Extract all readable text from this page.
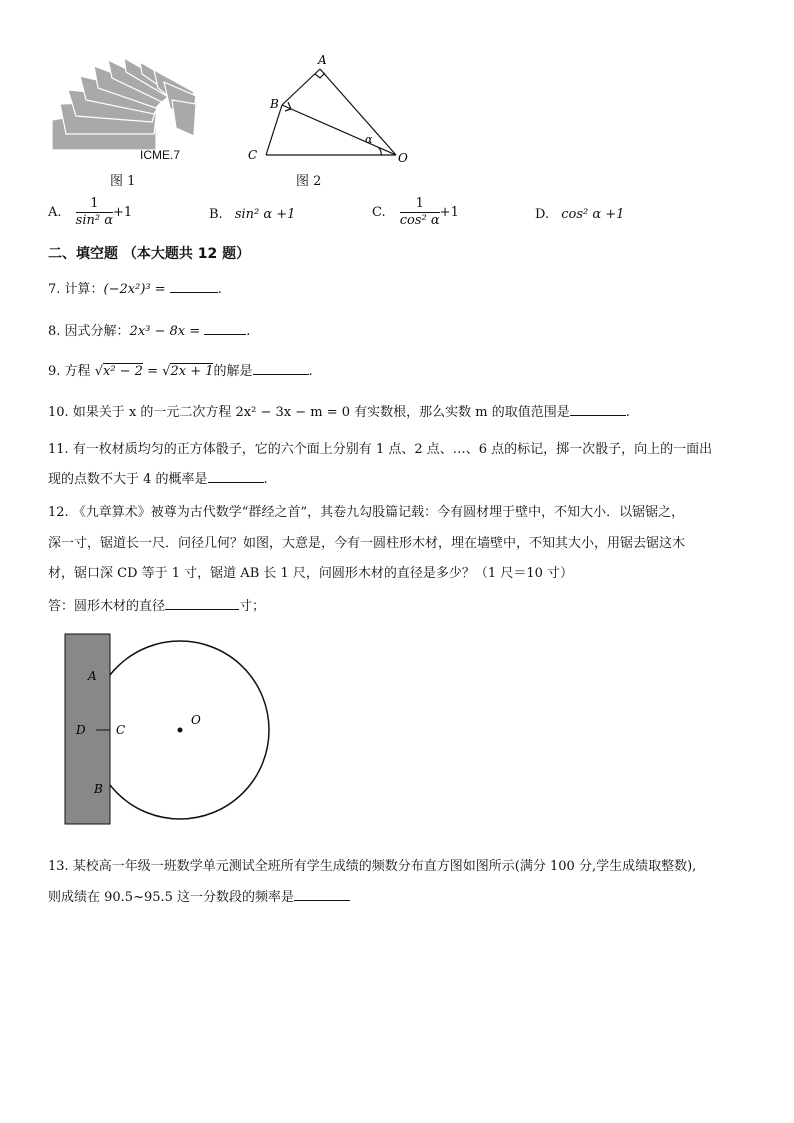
ICME.7
图 1
A
B
C	O
α
图 2
A. $\frac{1}{\text{sin² α}} +1$	B. sin² α +1	C. $\frac{1}{\text{cos² α}} +1$	D. cos² α +1
二、填空题 （本大题共 12 题）
7. 计算：(−2x²)³ =	.
8. 因式分解：2x³ − 8x =	.
9. 方程 √x² − 2 = √2x + 1的解是	.
10. 如果关于 x 的一元二次方程 2x² − 3x − m = 0 有实数根，那么实数 m 的取值范围是	.
11. 有一枚材质均匀的正方体骰子，它的六个面上分别有 1 点、2 点、…、6 点的标记，掷一次骰子，向上的一面出
现的点数不大于 4 的概率是	.
12. 《九章算术》被尊为古代数学“群经之首”，其卷九勾股篇记载：今有圆材埋于壁中，不知大小．以锯锯之，
深一寸，锯道长一尺．问径几何？如图，大意是，今有一圆柱形木材，埋在墙壁中，不知其大小，用锯去锯这木
材，锯口深 CD 等于 1 寸，锯道 AB 长 1 尺，问圆形木材的直径是多少？（1 尺＝10 寸）
答：圆形木材的直径	寸；
A
D	C
B
O
13. 某校高一年级一班数学单元测试全班所有学生成绩的频数分布直方图如图所示(满分 100 分,学生成绩取整数),
则成绩在 90.5~95.5 这一分数段的频率是
